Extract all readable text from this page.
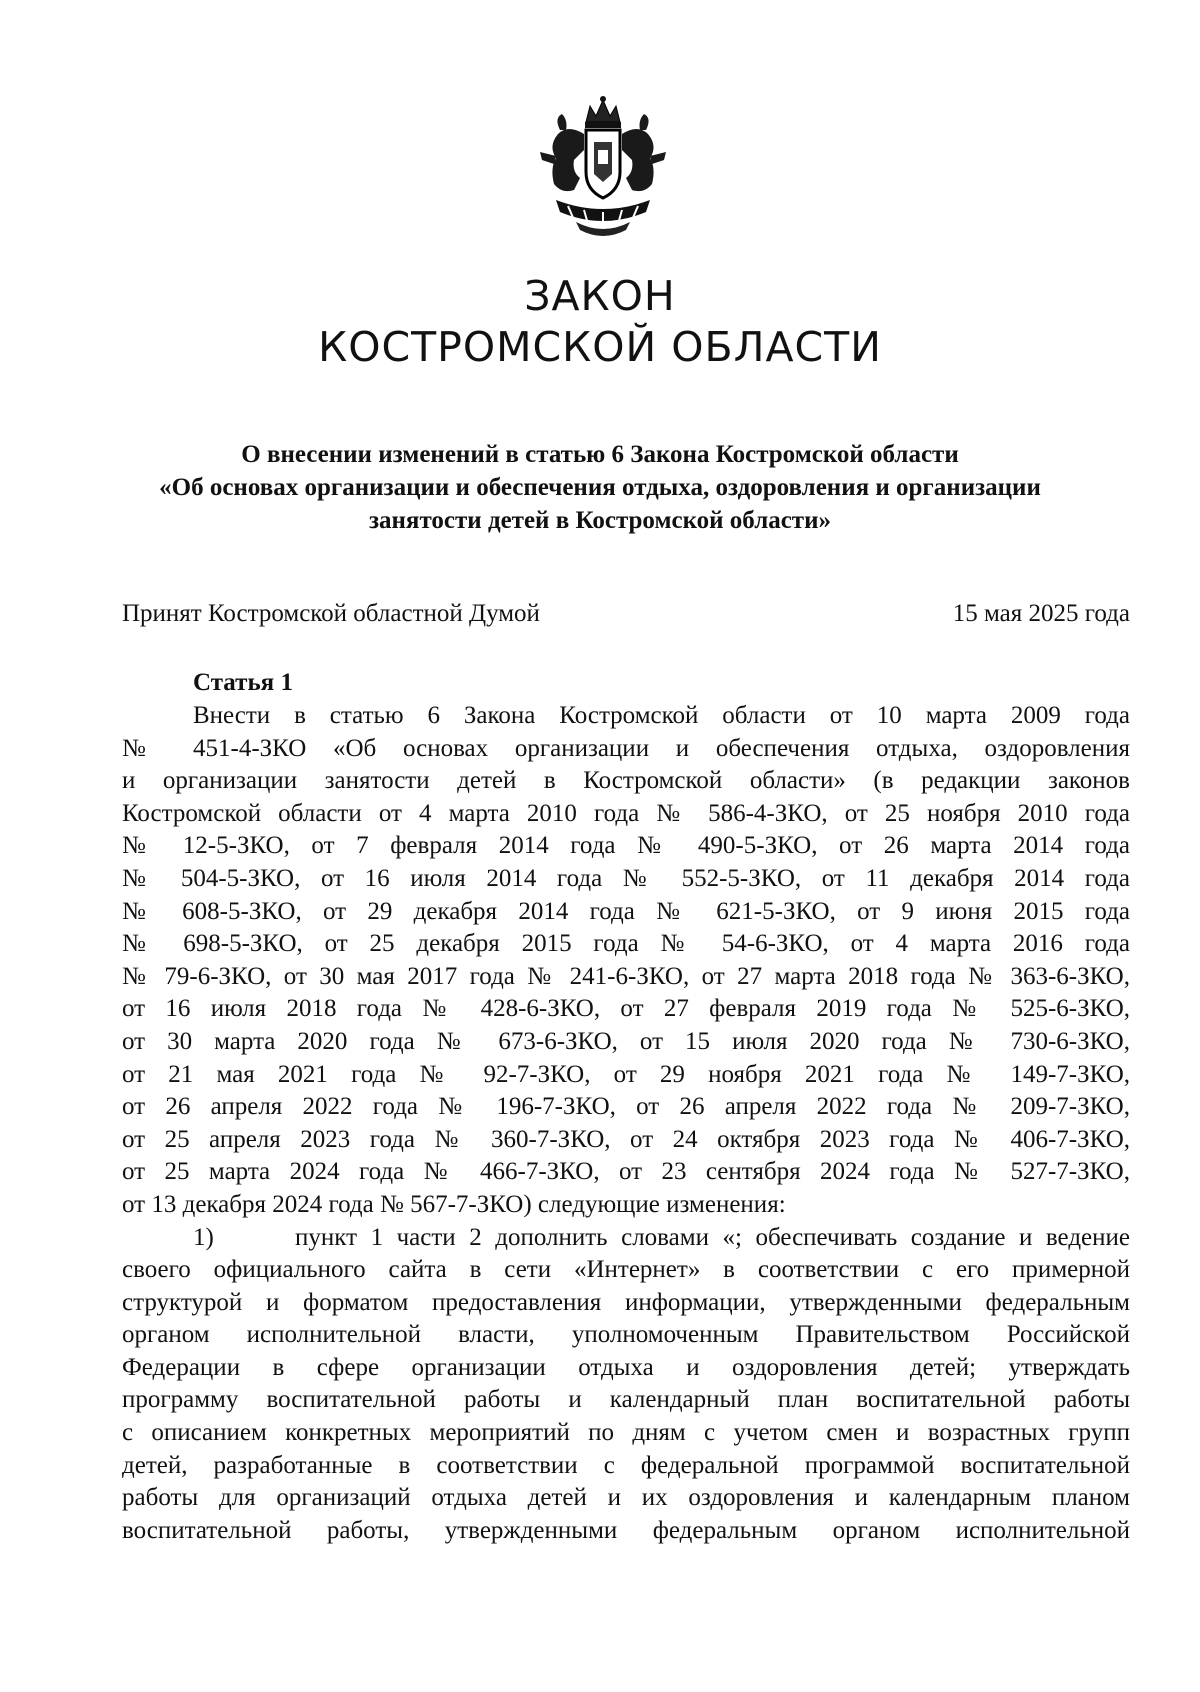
ЗАКОН
КОСТРОМСКОЙ ОБЛАСТИ
О внесении изменений в статью 6 Закона Костромской области
«Об основах организации и обеспечения отдыха, оздоровления и организации
занятости детей в Костромской области»
Принят Костромской областной Думой	15 мая 2025 года
Статья 1
Внести в статью 6 Закона Костромской области от 10 марта 2009 года
№ 451-4-ЗКО «Об основах организации и обеспечения отдыха, оздоровления
и организации занятости детей в Костромской области» (в редакции законов
Костромской области от 4 марта 2010 года № 586-4-ЗКО, от 25 ноября 2010 года
№ 12-5-ЗКО, от 7 февраля 2014 года № 490-5-ЗКО, от 26 марта 2014 года
№ 504-5-ЗКО, от 16 июля 2014 года № 552-5-ЗКО, от 11 декабря 2014 года
№ 608-5-ЗКО, от 29 декабря 2014 года № 621-5-ЗКО, от 9 июня 2015 года
№ 698-5-ЗКО, от 25 декабря 2015 года № 54-6-ЗКО, от 4 марта 2016 года
№ 79-6-ЗКО, от 30 мая 2017 года № 241-6-ЗКО, от 27 марта 2018 года № 363-6-ЗКО,
от 16 июля 2018 года № 428-6-ЗКО, от 27 февраля 2019 года № 525-6-ЗКО,
от 30 марта 2020 года № 673-6-ЗКО, от 15 июля 2020 года № 730-6-ЗКО,
от 21 мая 2021 года № 92-7-ЗКО, от 29 ноября 2021 года № 149-7-ЗКО,
от 26 апреля 2022 года № 196-7-ЗКО, от 26 апреля 2022 года № 209-7-ЗКО,
от 25 апреля 2023 года № 360-7-ЗКО, от 24 октября 2023 года № 406-7-ЗКО,
от 25 марта 2024 года № 466-7-ЗКО, от 23 сентября 2024 года № 527-7-ЗКО,
от 13 декабря 2024 года № 567-7-ЗКО) следующие изменения:
1)      пункт 1 части 2 дополнить словами «; обеспечивать создание и ведение
своего официального сайта в сети «Интернет» в соответствии с его примерной
структурой и форматом предоставления информации, утвержденными федеральным
органом исполнительной власти, уполномоченным Правительством Российской
Федерации в сфере организации отдыха и оздоровления детей; утверждать
программу воспитательной работы и календарный план воспитательной работы
с описанием конкретных мероприятий по дням с учетом смен и возрастных групп
детей, разработанные в соответствии с федеральной программой воспитательной
работы для организаций отдыха детей и их оздоровления и календарным планом
воспитательной работы, утвержденными федеральным органом исполнительной
